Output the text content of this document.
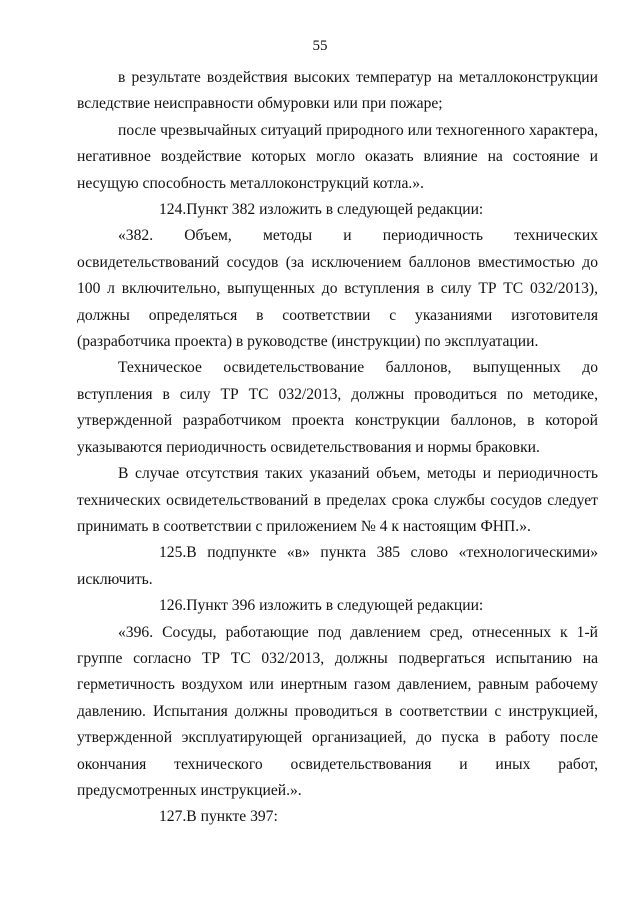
55

в результате воздействия высоких температур на металлоконструкции вследствие неисправности обмуровки или при пожаре;

после чрезвычайных ситуаций природного или техногенного характера, негативное воздействие которых могло оказать влияние на состояние и несущую способность металлоконструкций котла.».

124.Пункт 382 изложить в следующей редакции:

«382. Объем, методы и периодичность технических освидетельствований сосудов (за исключением баллонов вместимостью до 100 л включительно, выпущенных до вступления в силу ТР ТС 032/2013), должны определяться в соответствии с указаниями изготовителя (разработчика проекта) в руководстве (инструкции) по эксплуатации.

Техническое освидетельствование баллонов, выпущенных до вступления в силу ТР ТС 032/2013, должны проводиться по методике, утвержденной разработчиком проекта конструкции баллонов, в которой указываются периодичность освидетельствования и нормы браковки.

В случае отсутствия таких указаний объем, методы и периодичность технических освидетельствований в пределах срока службы сосудов следует принимать в соответствии с приложением № 4 к настоящим ФНП.».

125.В подпункте «в» пункта 385 слово «технологическими» исключить.

126.Пункт 396 изложить в следующей редакции:

«396. Сосуды, работающие под давлением сред, отнесенных к 1-й группе согласно ТР ТС 032/2013, должны подвергаться испытанию на герметичность воздухом или инертным газом давлением, равным рабочему давлению. Испытания должны проводиться в соответствии с инструкцией, утвержденной эксплуатирующей организацией, до пуска в работу после окончания технического освидетельствования и иных работ, предусмотренных инструкцией.».

127.В пункте 397:
